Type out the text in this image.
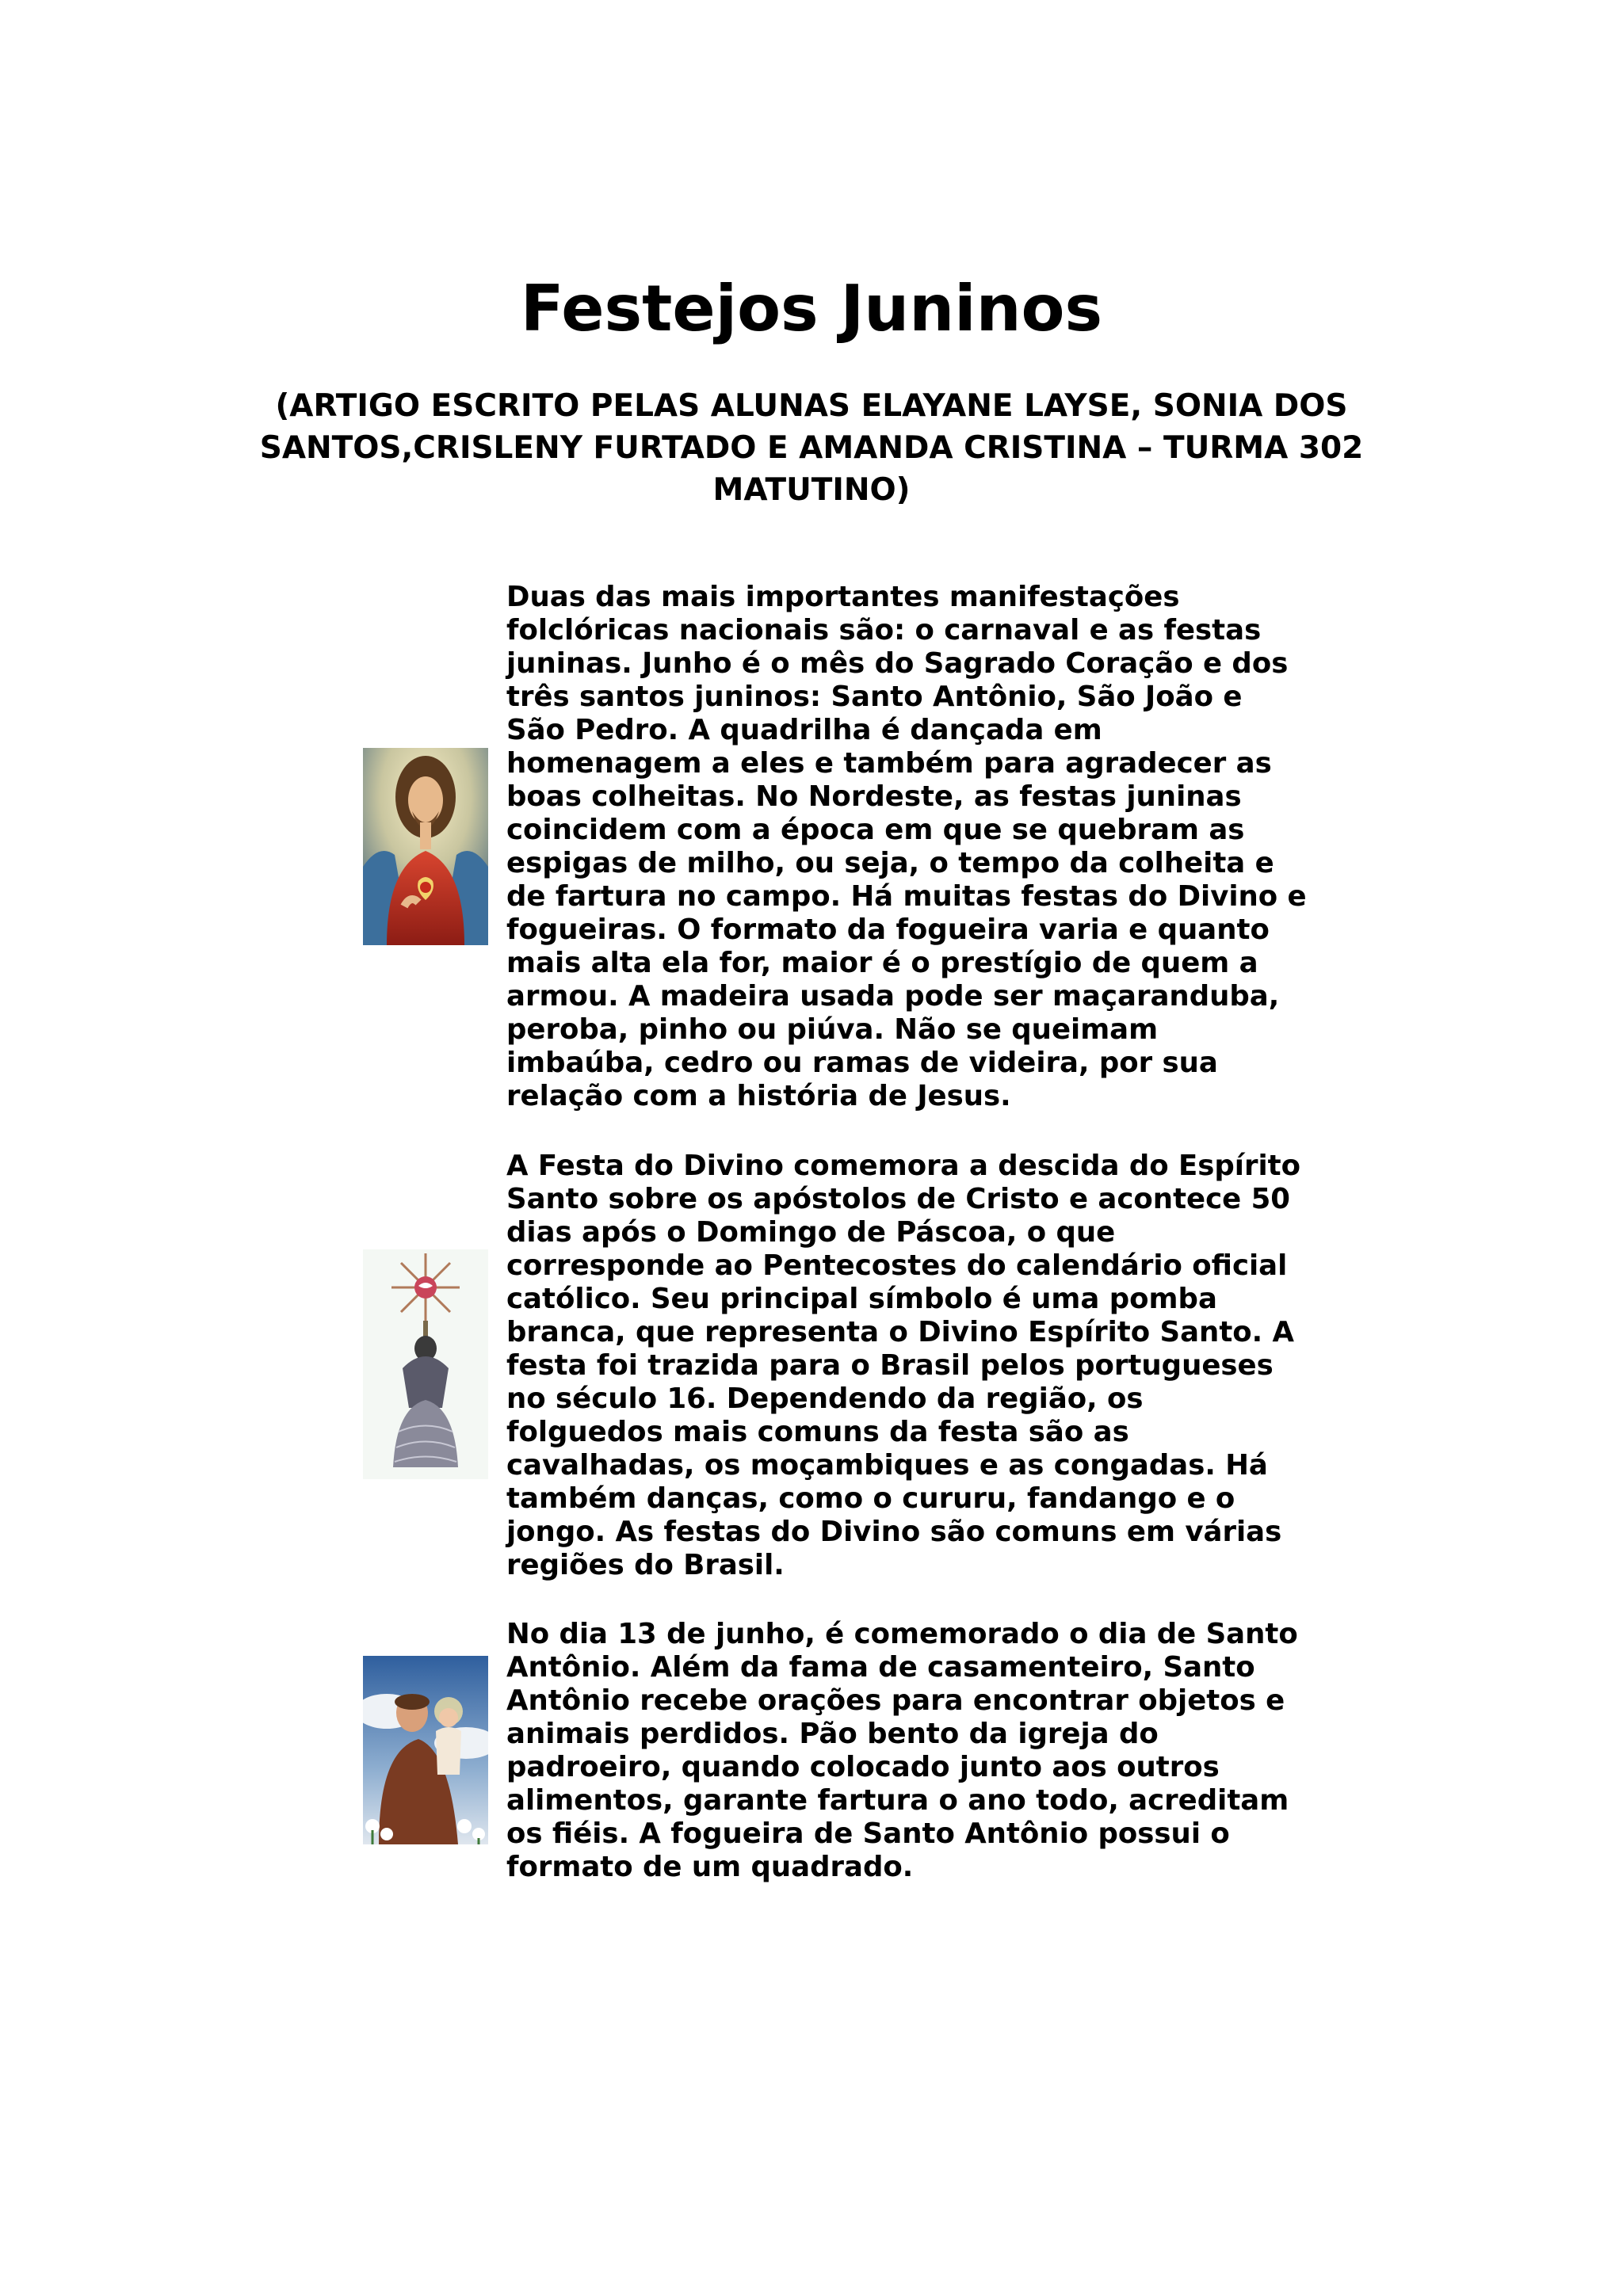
Festejos Juninos

(ARTIGO ESCRITO PELAS ALUNAS ELAYANE LAYSE, SONIA DOS SANTOS,CRISLENY FURTADO E AMANDA CRISTINA – TURMA 302 MATUTINO)

Duas das mais importantes manifestações folclóricas nacionais são: o carnaval e as festas juninas. Junho é o mês do Sagrado Coração e dos três santos juninos: Santo Antônio, São João e São Pedro. A quadrilha é dançada em homenagem a eles e também para agradecer as boas colheitas. No Nordeste, as festas juninas coincidem com a época em que se quebram as espigas de milho, ou seja, o tempo da colheita e de fartura no campo. Há muitas festas do Divino e fogueiras. O formato da fogueira varia e quanto mais alta ela for, maior é o prestígio de quem a armou. A madeira usada pode ser maçaranduba, peroba, pinho ou piúva. Não se queimam imbaúba, cedro ou ramas de videira, por sua relação com a história de Jesus.

A Festa do Divino comemora a descida do Espírito Santo sobre os apóstolos de Cristo e acontece 50 dias após o Domingo de Páscoa, o que corresponde ao Pentecostes do calendário oficial católico. Seu principal símbolo é uma pomba branca, que representa o Divino Espírito Santo. A festa foi trazida para o Brasil pelos portugueses no século 16. Dependendo da região, os folguedos mais comuns da festa são as cavalhadas, os moçambiques e as congadas. Há também danças, como o cururu, fandango e o jongo. As festas do Divino são comuns em várias regiões do Brasil.

No dia 13 de junho, é comemorado o dia de Santo Antônio. Além da fama de casamenteiro, Santo Antônio recebe orações para encontrar objetos e animais perdidos. Pão bento da igreja do padroeiro, quando colocado junto aos outros alimentos, garante fartura o ano todo, acreditam os fiéis. A fogueira de Santo Antônio possui o formato de um quadrado.
